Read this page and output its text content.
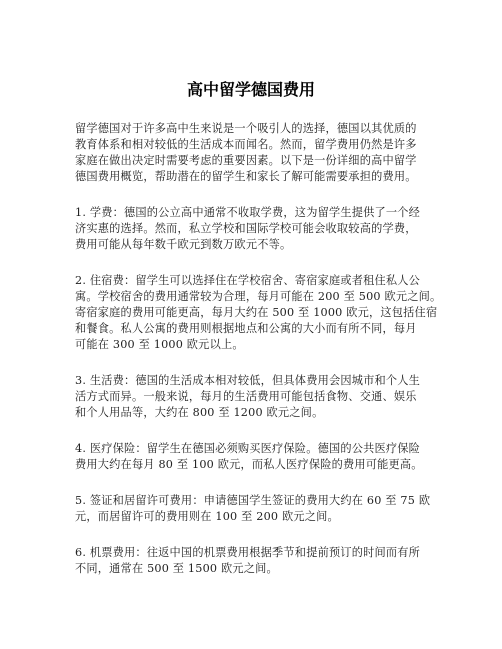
高中留学德国费用
留学德国对于许多高中生来说是一个吸引人的选择，德国以其优质的
教育体系和相对较低的生活成本而闻名。然而，留学费用仍然是许多
家庭在做出决定时需要考虑的重要因素。以下是一份详细的高中留学
德国费用概览，帮助潜在的留学生和家长了解可能需要承担的费用。
1. 学费：德国的公立高中通常不收取学费，这为留学生提供了一个经
济实惠的选择。然而，私立学校和国际学校可能会收取较高的学费，
费用可能从每年数千欧元到数万欧元不等。
2. 住宿费：留学生可以选择住在学校宿舍、寄宿家庭或者租住私人公
寓。学校宿舍的费用通常较为合理，每月可能在 200 至 500 欧元之间。
寄宿家庭的费用可能更高，每月大约在 500 至 1000 欧元，这包括住宿
和餐食。私人公寓的费用则根据地点和公寓的大小而有所不同，每月
可能在 300 至 1000 欧元以上。
3. 生活费：德国的生活成本相对较低，但具体费用会因城市和个人生
活方式而异。一般来说，每月的生活费用可能包括食物、交通、娱乐
和个人用品等，大约在 800 至 1200 欧元之间。
4. 医疗保险：留学生在德国必须购买医疗保险。德国的公共医疗保险
费用大约在每月 80 至 100 欧元，而私人医疗保险的费用可能更高。
5. 签证和居留许可费用：申请德国学生签证的费用大约在 60 至 75 欧
元，而居留许可的费用则在 100 至 200 欧元之间。
6. 机票费用：往返中国的机票费用根据季节和提前预订的时间而有所
不同，通常在 500 至 1500 欧元之间。
